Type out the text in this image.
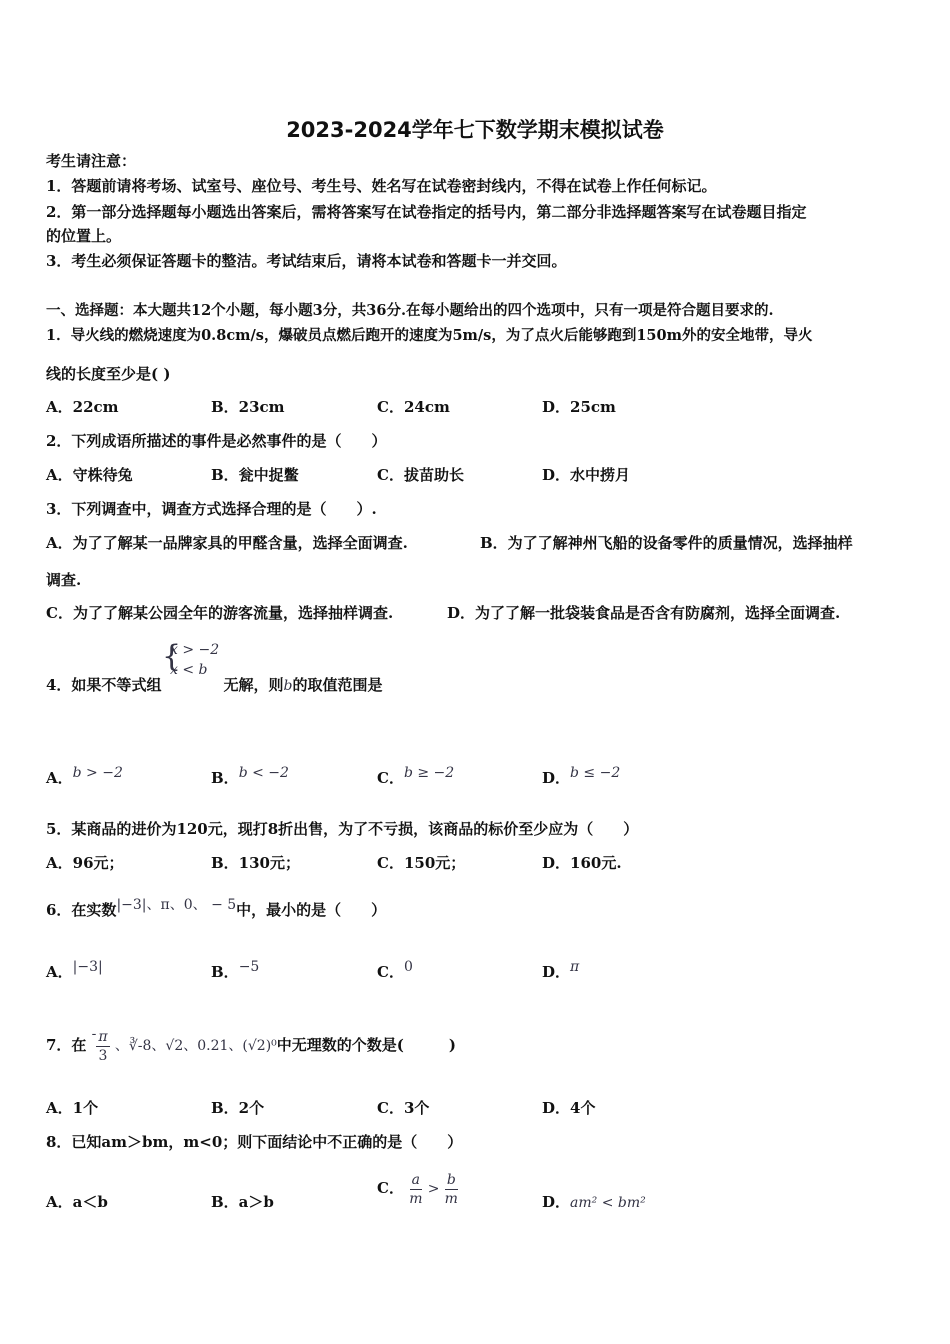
2023-2024学年七下数学期末模拟试卷
考生请注意：
1．答题前请将考场、试室号、座位号、考生号、姓名写在试卷密封线内，不得在试卷上作任何标记。
2．第一部分选择题每小题选出答案后，需将答案写在试卷指定的括号内，第二部分非选择题答案写在试卷题目指定
的位置上。
3．考生必须保证答题卡的整洁。考试结束后，请将本试卷和答题卡一并交回。
一、选择题：本大题共12个小题，每小题3分，共36分.在每小题给出的四个选项中，只有一项是符合题目要求的.
1．导火线的燃烧速度为0.8cm/s，爆破员点燃后跑开的速度为5m/s，为了点火后能够跑到150m外的安全地带，导火
线的长度至少是( )
A．22cm	B．23cm	C．24cm	D．25cm
2．下列成语所描述的事件是必然事件的是（　　）
A．守株待兔	B．瓮中捉鳖	C．拔苗助长	D．水中捞月
3．下列调查中，调查方式选择合理的是（　　）.
A．为了了解某一品牌家具的甲醛含量，选择全面调查.	B．为了了解神州飞船的设备零件的质量情况，选择抽样
调查.
C．为了了解某公园全年的游客流量，选择抽样调查.	D．为了了解一批袋装食品是否含有防腐剂，选择全面调查.
{
x > −2
x < b
4．如果不等式组	无解，则b的取值范围是
A．b > −2	B．b < −2	C．b ≥ −2	D．b ≤ −2
5．某商品的进价为120元，现打8折出售，为了不亏损，该商品的标价至少应为（　　）
A．96元；	B．130元；	C．150元；	D．160元.
6．在实数|−3|、π、0、 − 5中，最小的是（　　）
A．|−3|	B．−5	C．0	D．π
7．在 - $\frac{\pi}{3}$ 、∛-8、√2、0.21、(√2)⁰中无理数的个数是(　　　)
A．1个	B．2个	C．3个	D．4个
8．已知am＞bm，m<0；则下面结论中不正确的是（　　）
A．a＜b	B．a＞b
C． $\frac{a}{m} > \frac{b}{m}$	D．am² < bm²
